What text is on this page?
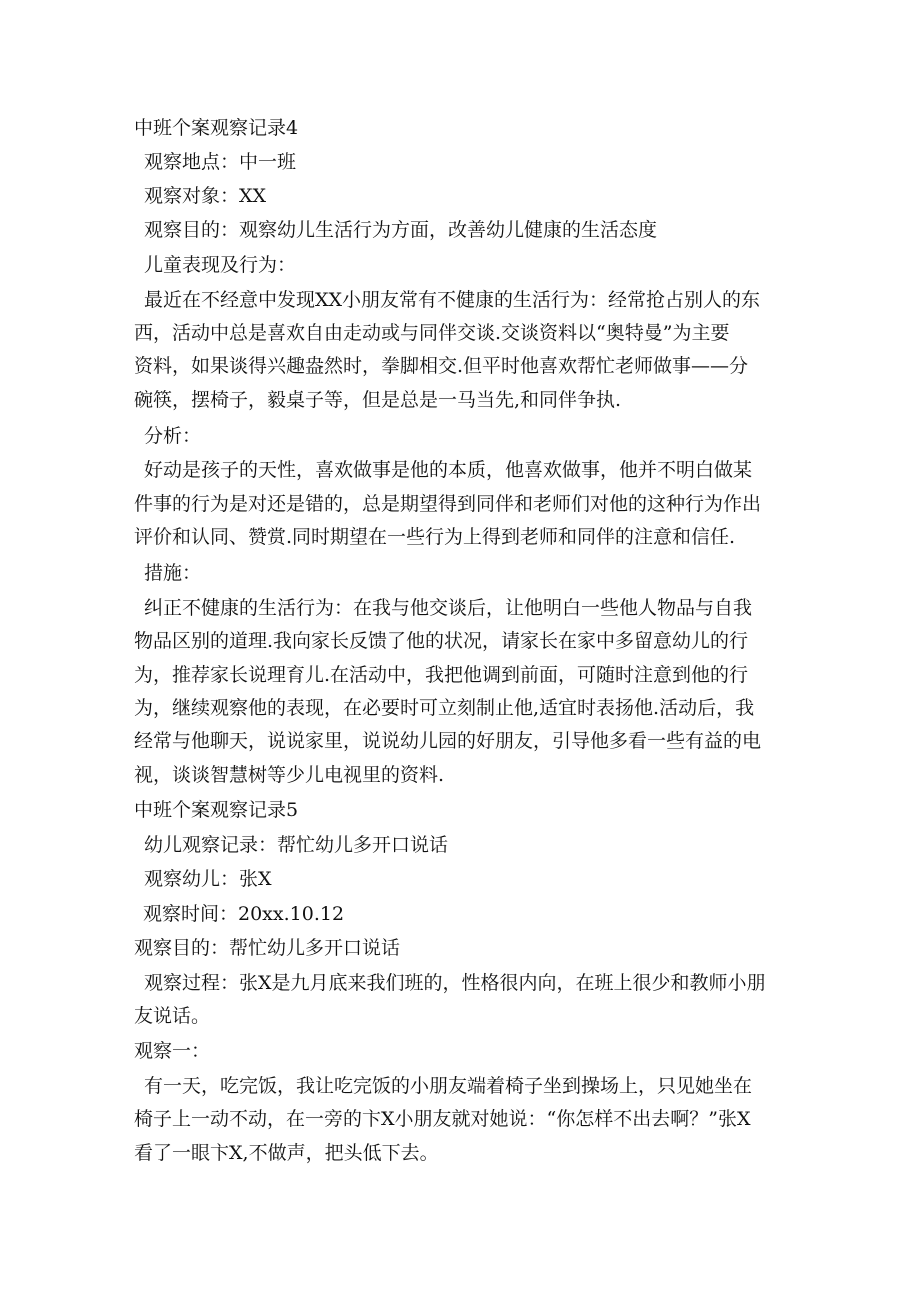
中班个案观察记录4
观察地点：中一班
观察对象：XX
观察目的：观察幼儿生活行为方面，改善幼儿健康的生活态度
儿童表现及行为：
最近在不经意中发现XX小朋友常有不健康的生活行为：经常抢占别人的东
西，活动中总是喜欢自由走动或与同伴交谈.交谈资料以“奥特曼”为主要
资料，如果谈得兴趣盎然时，拳脚相交.但平时他喜欢帮忙老师做事——分
碗筷，摆椅子，毅桌子等，但是总是一马当先,和同伴争执.
分析：
好动是孩子的天性，喜欢做事是他的本质，他喜欢做事，他并不明白做某
件事的行为是对还是错的，总是期望得到同伴和老师们对他的这种行为作出
评价和认同、赞赏.同时期望在一些行为上得到老师和同伴的注意和信任.
措施：
纠正不健康的生活行为：在我与他交谈后，让他明白一些他人物品与自我
物品区别的道理.我向家长反馈了他的状况，请家长在家中多留意幼儿的行
为，推荐家长说理育儿.在活动中，我把他调到前面，可随时注意到他的行
为，继续观察他的表现，在必要时可立刻制止他,适宜时表扬他.活动后，我
经常与他聊天，说说家里，说说幼儿园的好朋友，引导他多看一些有益的电
视，谈谈智慧树等少儿电视里的资料.
中班个案观察记录5
幼儿观察记录：帮忙幼儿多开口说话
观察幼儿：张X
观察时间：20xx.10.12
观察目的：帮忙幼儿多开口说话
观察过程：张X是九月底来我们班的，性格很内向，在班上很少和教师小朋
友说话。
观察一：
有一天，吃完饭，我让吃完饭的小朋友端着椅子坐到操场上，只见她坐在
椅子上一动不动，在一旁的卞X小朋友就对她说：“你怎样不出去啊？”张X
看了一眼卞X,不做声，把头低下去。
